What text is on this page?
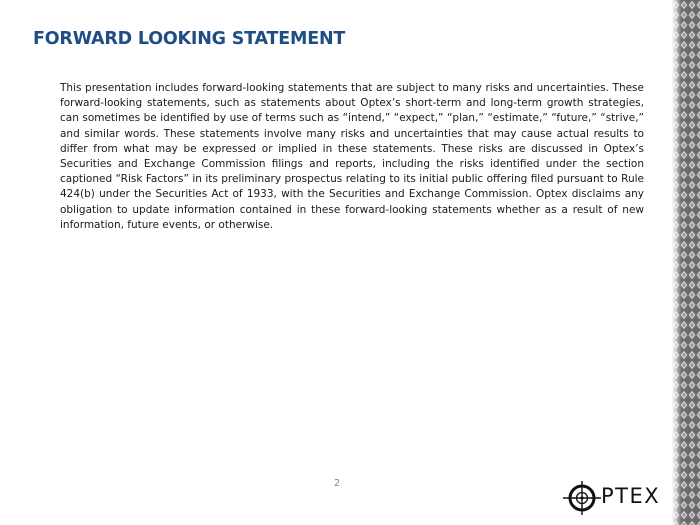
FORWARD LOOKING STATEMENT

This presentation includes forward-looking statements that are subject to many risks and uncertainties. These forward-looking statements, such as statements about Optex’s short-term and long-term growth strategies, can sometimes be identified by use of terms such as “intend,” “expect,” “plan,” “estimate,” “future,” “strive,” and similar words. These statements involve many risks and uncertainties that may cause actual results to differ from what may be expressed or implied in these statements. These risks are discussed in Optex’s Securities and Exchange Commission filings and reports, including the risks identified under the section captioned “Risk Factors” in its preliminary prospectus relating to its initial public offering filed pursuant to Rule 424(b) under the Securities Act of 1933, with the Securities and Exchange Commission. Optex disclaims any obligation to update information contained in these forward-looking statements whether as a result of new information, future events, or otherwise.

2
PTEX
